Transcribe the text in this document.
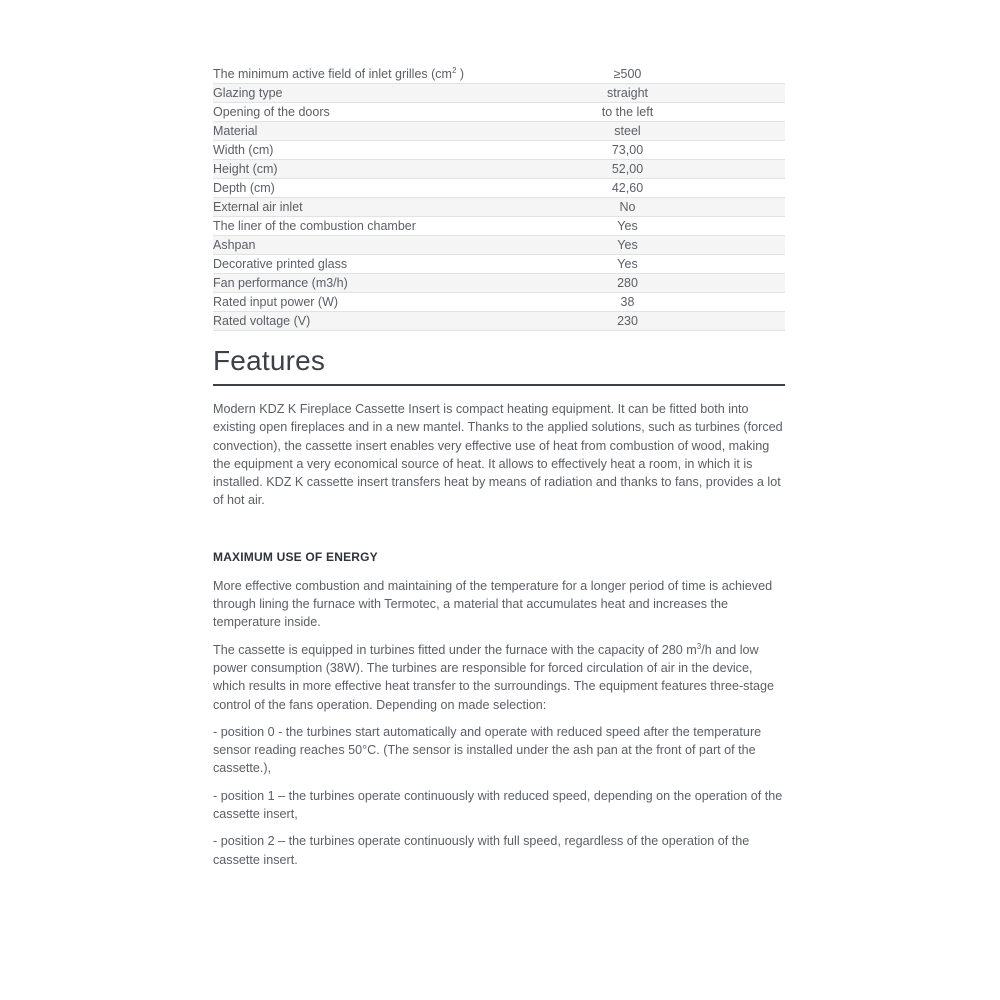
The minimum active field of inlet grilles ($cm^2$ )	≥500
Glazing type	straight
Opening of the doors	to the left
Material	steel
Width (cm)	73,00
Height (cm)	52,00
Depth (cm)	42,60
External air inlet	No
The liner of the combustion chamber	Yes
Ashpan	Yes
Decorative printed glass	Yes
Fan performance (m3/h)	280
Rated input power (W)	38
Rated voltage (V)	230
Features

Modern KDZ K Fireplace Cassette Insert is compact heating equipment. It can be fitted both into existing open fireplaces and in a new mantel. Thanks to the applied solutions, such as turbines (forced convection), the cassette insert enables very effective use of heat from combustion of wood, making the equipment a very economical source of heat. It allows to effectively heat a room, in which it is installed. KDZ K cassette insert transfers heat by means of radiation and thanks to fans, provides a lot of hot air.

MAXIMUM USE OF ENERGY

More effective combustion and maintaining of the temperature for a longer period of time is achieved through lining the furnace with Termotec, a material that accumulates heat and increases the temperature inside.

The cassette is equipped in turbines fitted under the furnace with the capacity of 280 $m^3/h$ and low power consumption (38W). The turbines are responsible for forced circulation of air in the device, which results in more effective heat transfer to the surroundings. The equipment features three-stage control of the fans operation. Depending on made selection:

- position 0 - the turbines start automatically and operate with reduced speed after the temperature sensor reading reaches 50°C. (The sensor is installed under the ash pan at the front of part of the cassette.),

- position 1 – the turbines operate continuously with reduced speed, depending on the operation of the cassette insert,

- position 2 – the turbines operate continuously with full speed, regardless of the operation of the cassette insert.
